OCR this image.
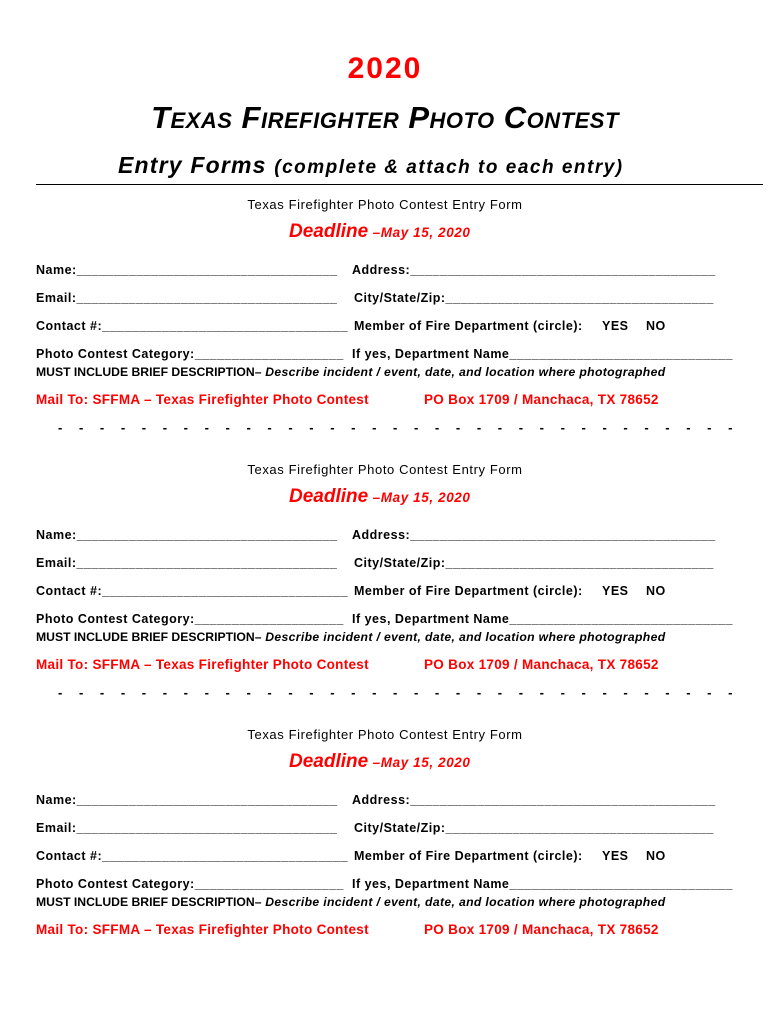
2020
Texas Firefighter Photo Contest
Entry Forms (complete & attach to each entry)
Texas Firefighter Photo Contest Entry Form
Deadline –May 15, 2020
Name:___________________________________ Address:_________________________________________
Email:___________________________________ City/State/Zip:____________________________________
Contact #:_________________________________ Member of Fire Department (circle): YES NO
Photo Contest Category:____________________ If yes, Department Name______________________________
MUST INCLUDE BRIEF DESCRIPTION– Describe incident / event, date, and location where photographed
Mail To: SFFMA – Texas Firefighter Photo Contest	PO Box 1709 / Manchaca, TX 78652
- - - - - - - - - - - - - - - - - - - - - - - - - - - - - - - - -
Texas Firefighter Photo Contest Entry Form
Deadline –May 15, 2020
Name:___________________________________ Address:_________________________________________
Email:___________________________________ City/State/Zip:____________________________________
Contact #:_________________________________ Member of Fire Department (circle): YES NO
Photo Contest Category:____________________ If yes, Department Name______________________________
MUST INCLUDE BRIEF DESCRIPTION– Describe incident / event, date, and location where photographed
Mail To: SFFMA – Texas Firefighter Photo Contest	PO Box 1709 / Manchaca, TX 78652
- - - - - - - - - - - - - - - - - - - - - - - - - - - - - - - - -
Texas Firefighter Photo Contest Entry Form
Deadline –May 15, 2020
Name:___________________________________ Address:_________________________________________
Email:___________________________________ City/State/Zip:____________________________________
Contact #:_________________________________ Member of Fire Department (circle): YES NO
Photo Contest Category:____________________ If yes, Department Name______________________________
MUST INCLUDE BRIEF DESCRIPTION– Describe incident / event, date, and location where photographed
Mail To: SFFMA – Texas Firefighter Photo Contest	PO Box 1709 / Manchaca, TX 78652
